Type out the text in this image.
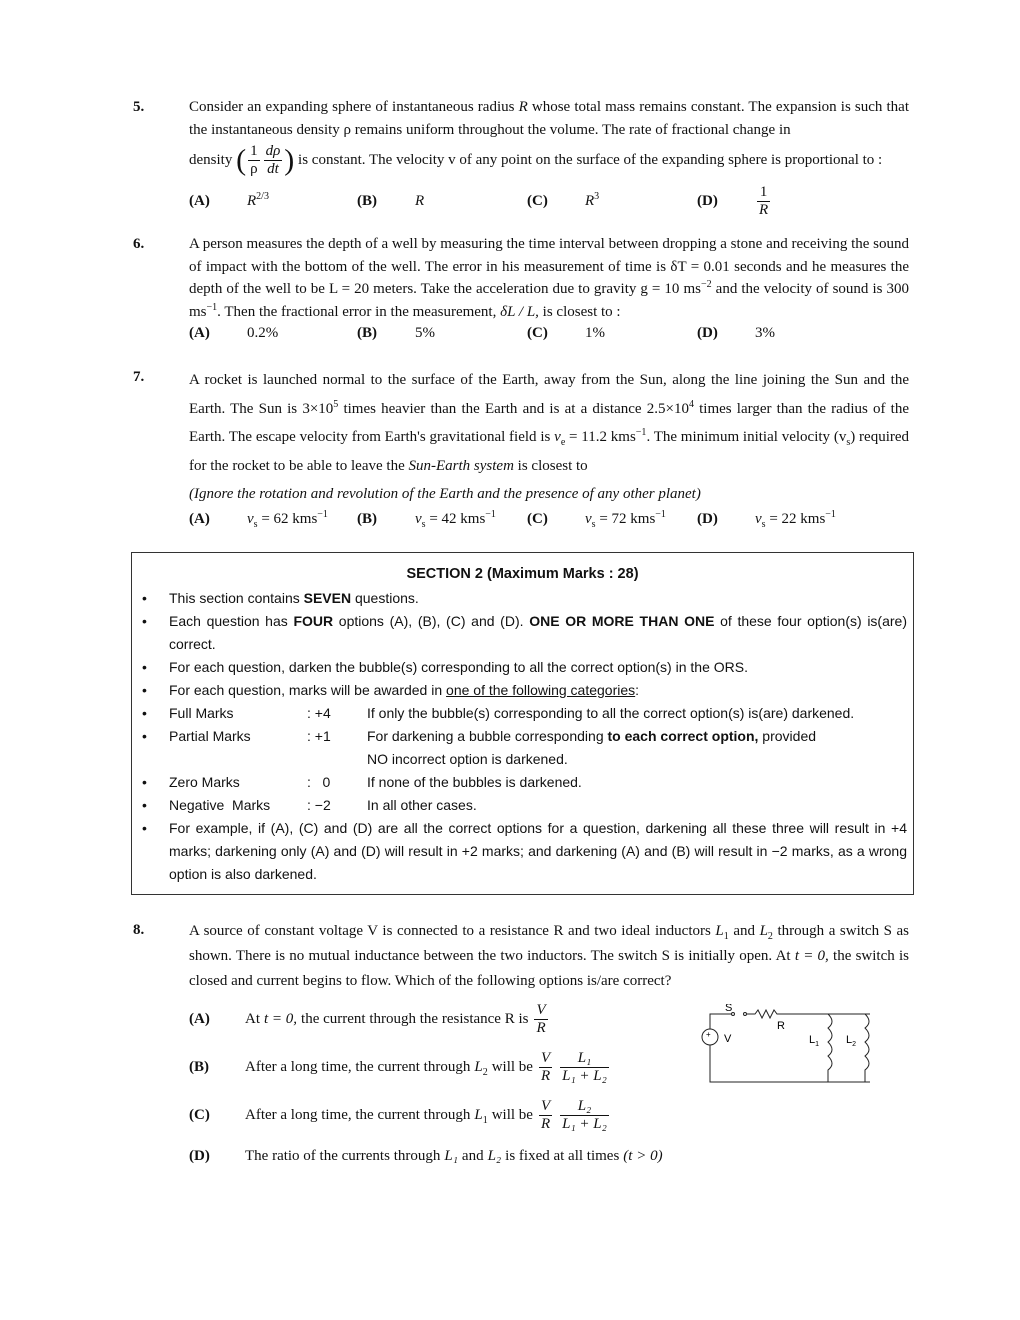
5.	Consider an expanding sphere of instantaneous radius R whose total mass remains constant. The expansion is such that the instantaneous density ρ remains uniform throughout the volume. The rate of fractional change in

density ( $\frac{1}{\rho} \frac{d\rho}{dt}$ ) is constant. The velocity v of any point on the surface of the expanding sphere is proportional to :

(A) $R^{2/3}$	(B)	R	(C) $R^3$	(D)	$\frac{1}{R}$
6.	A person measures the depth of a well by measuring the time interval between dropping a stone and receiving the sound of impact with the bottom of the well. The error in his measurement of time is δT = 0.01 seconds and he measures the depth of the well to be L = 20 meters. Take the acceleration due to gravity g = 10 $ms^{-2}$ and the velocity of sound is 300 $ms^{-1}$. Then the fractional error in the measurement, δL / L, is closest to :

(A) 0.2%	(B)	5%	(C) 1%	(D) 3%
7.	A rocket is launched normal to the surface of the Earth, away from the Sun, along the line joining the Sun and the Earth. The Sun is $3\times 10^5$ times heavier than the Earth and is at a distance $2.5\times 10^4$ times larger than the radius of the Earth. The escape velocity from Earth's gravitational field is $v_e = 11.2$ kms$^{-1}$. The minimum initial velocity $(v_s)$ required for the rocket to be able to leave the Sun-Earth system is closest to

(Ignore the rotation and revolution of the Earth and the presence of any other planet)

(A) $v_s = 62$ kms$^{-1}$	(B)	$v_s = 42$ kms$^{-1}$	(C) $v_s = 72$ kms$^{-1}$	(D) $v_s = 22$ kms$^{-1}$
SECTION 2 (Maximum Marks : 28)
•	This section contains SEVEN questions.
•	Each question has FOUR options (A), (B), (C) and (D). ONE OR MORE THAN ONE of these four option(s) is(are) correct.
•	For each question, darken the bubble(s) corresponding to all the correct option(s) in the ORS.
•	For each question, marks will be awarded in one of the following categories:
•	Full Marks	: +4	If only the bubble(s) corresponding to all the correct option(s) is(are) darkened.
•	Partial Marks	: +1	For darkening a bubble corresponding to each correct option, provided
NO incorrect option is darkened.
•	Zero Marks	:   0	If none of the bubbles is darkened.
•	Negative  Marks	: −2	In all other cases.
•	For example, if (A), (C) and (D) are all the correct options for a question, darkening all these three will result in +4 marks; darkening only (A) and (D) will result in +2 marks; and darkening (A) and (B) will result in −2 marks, as a wrong option is also darkened.
8.	A source of constant voltage V is connected to a resistance R and two ideal inductors $L_1$ and $L_2$ through a switch S as shown. There is no mutual inductance between the two inductors. The switch S is initially open. At t = 0, the switch is closed and current begins to flow. Which of the following options is/are correct?

(A)	At t = 0, the current through the resistance R is $\frac{V}{R}$
(B)	After a long time, the current through $L_2$ will be $\frac{V}{R} \frac{\text{L₁}}{\text{L₁ + L₂}}$
(C)	After a long time, the current through $L_1$ will be $\frac{V}{R} \frac{\text{L₂}}{\text{L₁ + L₂}}$
(D)	The ratio of the currents through L₁ and L₂ is fixed at all times (t > 0)
S
R
+ V	$L_1$ $L_2$
